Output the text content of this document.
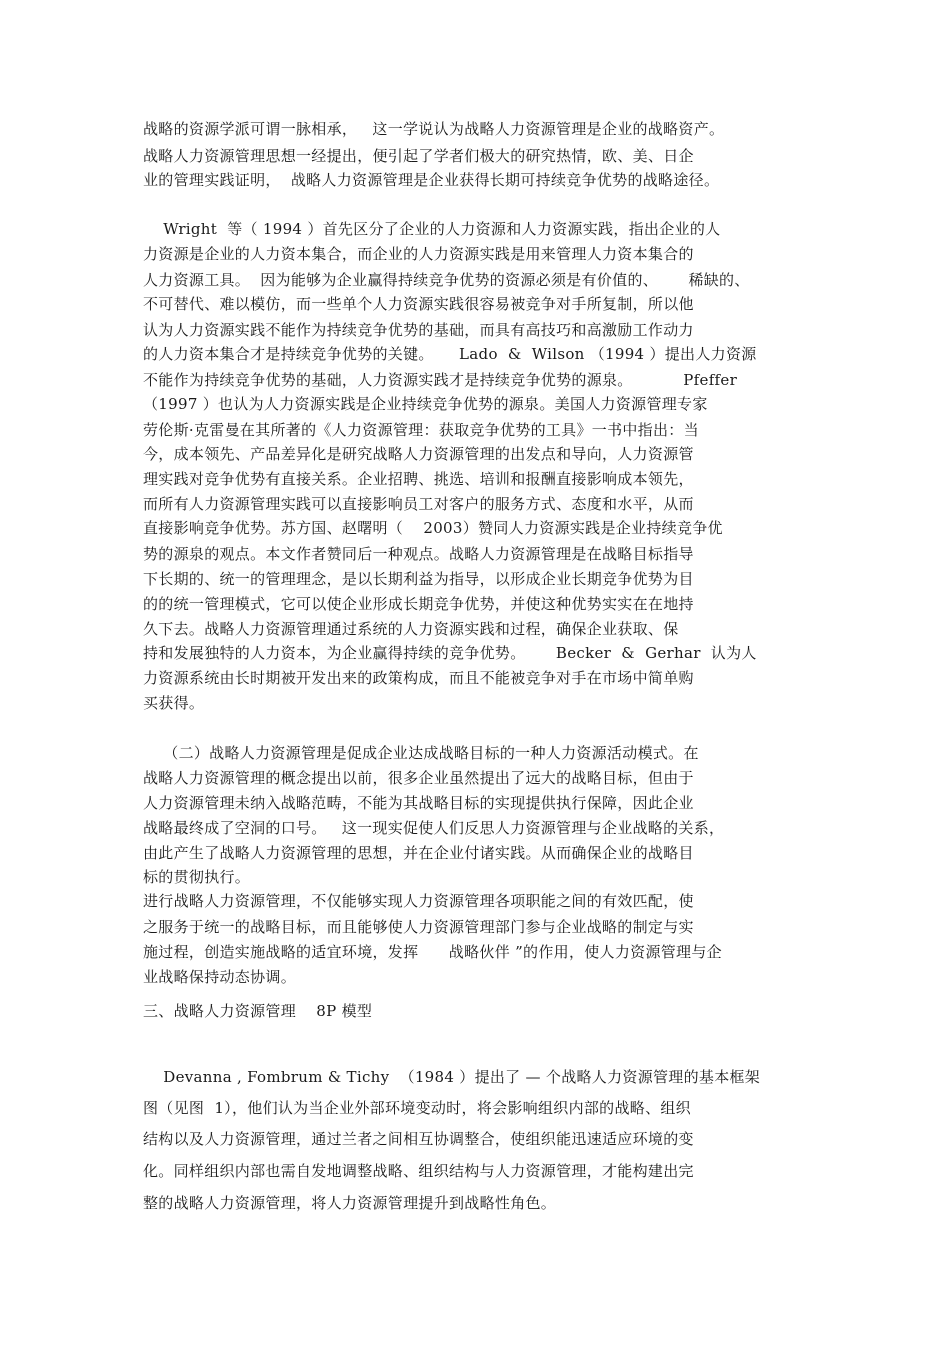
战略的资源学派可谓一脉相承，   这一学说认为战略人力资源管理是企业的战略资产。

战略人力资源管理思想一经提出，便引起了学者们极大的研究热情，欧、美、日企

业的管理实践证明，  战略人力资源管理是企业获得长期可持续竞争优势的战略途径。

Wright  等（ 1994 ）首先区分了企业的人力资源和人力资源实践，指出企业的人

力资源是企业的人力资本集合，而企业的人力资源实践是用来管理人力资本集合的

人力资源工具。  因为能够为企业赢得持续竞争优势的资源必须是有价值的、      稀缺的、

不可替代、难以模仿，而一些单个人力资源实践很容易被竞争对手所复制，所以他

认为人力资源实践不能作为持续竞争优势的基础，而具有高技巧和高激励工作动力

的人力资本集合才是持续竞争优势的关键。     Lado  &  Wilson （1994 ）提出人力资源

不能作为持续竞争优势的基础，人力资源实践才是持续竞争优势的源泉。          Pfeffer

（1997 ）也认为人力资源实践是企业持续竞争优势的源泉。美国人力资源管理专家

劳伦斯·克雷曼在其所著的《人力资源管理：获取竞争优势的工具》一书中指出：当

今，成本领先、产品差异化是研究战略人力资源管理的出发点和导向，人力资源管

理实践对竞争优势有直接关系。企业招聘、挑选、培训和报酬直接影响成本领先，

而所有人力资源管理实践可以直接影响员工对客户的服务方式、态度和水平，从而

直接影响竞争优势。苏方国、赵曙明（    2003）赞同人力资源实践是企业持续竞争优

势的源泉的观点。本文作者赞同后一种观点。战略人力资源管理是在战略目标指导

下长期的、统一的管理理念，是以长期利益为指导，以形成企业长期竞争优势为目

的的统一管理模式，它可以使企业形成长期竞争优势，并使这种优势实实在在地持

久下去。战略人力资源管理通过系统的人力资源实践和过程，确保企业获取、保

持和发展独特的人力资本，为企业赢得持续的竞争优势。      Becker  &  Gerhar  认为人

力资源系统由长时期被开发出来的政策构成，而且不能被竞争对手在市场中简单购

买获得。

（二）战略人力资源管理是促成企业达成战略目标的一种人力资源活动模式。在

战略人力资源管理的概念提出以前，很多企业虽然提出了远大的战略目标，但由于

人力资源管理未纳入战略范畴，不能为其战略目标的实现提供执行保障，因此企业

战略最终成了空洞的口号。   这一现实促使人们反思人力资源管理与企业战略的关系，

由此产生了战略人力资源管理的思想，并在企业付诸实践。从而确保企业的战略目

标的贯彻执行。

进行战略人力资源管理，不仅能够实现人力资源管理各项职能之间的有效匹配，使

之服务于统一的战略目标，而且能够使人力资源管理部门参与企业战略的制定与实

施过程，创造实施战略的适宜环境，发挥      战略伙伴 ”的作用，使人力资源管理与企

业战略保持动态协调。

三、战略人力资源管理    8P 模型

Devanna , Fombrum & Tichy  （1984 ）提出了 — 个战略人力资源管理的基本框架

图（见图  1），他们认为当企业外部环境变动时，将会影响组织内部的战略、组织

结构以及人力资源管理，通过兰者之间相互协调整合，使组织能迅速适应环境的变

化。同样组织内部也需自发地调整战略、组织结构与人力资源管理，才能构建出完

整的战略人力资源管理，将人力资源管理提升到战略性角色。
